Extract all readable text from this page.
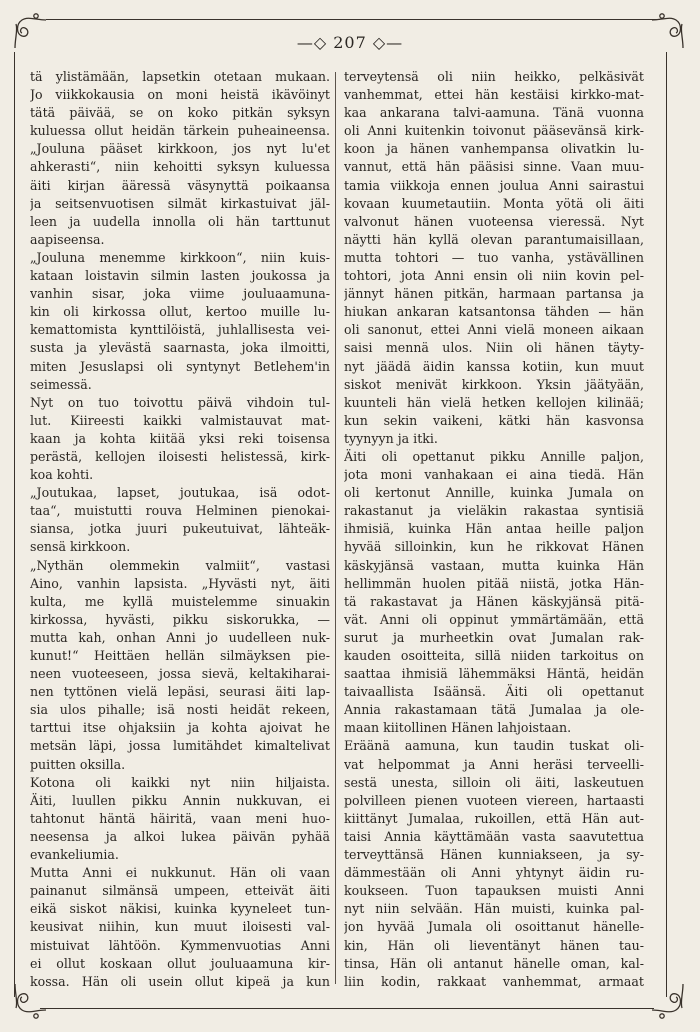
—◇ 207 ◇—
tä ylistämään, lapsetkin otetaan mukaan.
Jo viikkokausia on moni heistä ikävöinyt
tätä päivää, se on koko pitkän syksyn
kuluessa ollut heidän tärkein puheaineensa.
„Jouluna pääset kirkkoon, jos nyt lu'et
ahkerasti“, niin kehoitti syksyn kuluessa
äiti kirjan ääressä väsynyttä poikaansa
ja seitsenvuotisen silmät kirkastuivat jäl-
leen ja uudella innolla oli hän tarttunut
aapiseensa.
„Jouluna menemme kirkkoon“, niin kuis-
kataan loistavin silmin lasten joukossa ja
vanhin sisar, joka viime jouluaamuna-
kin oli kirkossa ollut, kertoo muille lu-
kemattomista kynttilöistä, juhlallisesta vei-
susta ja ylevästä saarnasta, joka ilmoitti,
miten Jesuslapsi oli syntynyt Betlehem'in
seimessä.
Nyt on tuo toivottu päivä vihdoin tul-
lut. Kiireesti kaikki valmistauvat mat-
kaan ja kohta kiitää yksi reki toisensa
perästä, kellojen iloisesti helistessä, kirk-
koa kohti.
„Joutukaa, lapset, joutukaa, isä odot-
taa“, muistutti rouva Helminen pienokai-
siansa, jotka juuri pukeutuivat, lähteäk-
sensä kirkkoon.
„Nythän olemmekin valmiit“, vastasi
Aino, vanhin lapsista. „Hyvästi nyt, äiti
kulta, me kyllä muistelemme sinuakin
kirkossa, hyvästi, pikku siskorukka, —
mutta kah, onhan Anni jo uudelleen nuk-
kunut!“ Heittäen hellän silmäyksen pie-
neen vuoteeseen, jossa sievä, keltakiharai-
nen tyttönen vielä lepäsi, seurasi äiti lap-
sia ulos pihalle; isä nosti heidät rekeen,
tarttui itse ohjaksiin ja kohta ajoivat he
metsän läpi, jossa lumitähdet kimaltelivat
puitten oksilla.
Kotona oli kaikki nyt niin hiljaista.
Äiti, luullen pikku Annin nukkuvan, ei
tahtonut häntä häiritä, vaan meni huo-
neesensa ja alkoi lukea päivän pyhää
evankeliumia.
Mutta Anni ei nukkunut. Hän oli vaan
painanut silmänsä umpeen, etteivät äiti
eikä siskot näkisi, kuinka kyyneleet tun-
keusivat niihin, kun muut iloisesti val-
mistuivat lähtöön. Kymmenvuotias Anni
ei ollut koskaan ollut jouluaamuna kir-
kossa. Hän oli usein ollut kipeä ja kun
terveytensä oli niin heikko, pelkäsivät
vanhemmat, ettei hän kestäisi kirkko-mat-
kaa ankarana talvi-aamuna. Tänä vuonna
oli Anni kuitenkin toivonut pääsevänsä kirk-
koon ja hänen vanhempansa olivatkin lu-
vannut, että hän pääsisi sinne. Vaan muu-
tamia viikkoja ennen joulua Anni sairastui
kovaan kuumetautiin. Monta yötä oli äiti
valvonut hänen vuoteensa vieressä. Nyt
näytti hän kyllä olevan parantumaisillaan,
mutta tohtori — tuo vanha, ystävällinen
tohtori, jota Anni ensin oli niin kovin pel-
jännyt hänen pitkän, harmaan partansa ja
hiukan ankaran katsantonsa tähden — hän
oli sanonut, ettei Anni vielä moneen aikaan
saisi mennä ulos. Niin oli hänen täyty-
nyt jäädä äidin kanssa kotiin, kun muut
siskot menivät kirkkoon. Yksin jäätyään,
kuunteli hän vielä hetken kellojen kilinää;
kun sekin vaikeni, kätki hän kasvonsa
tyynyyn ja itki.
Äiti oli opettanut pikku Annille paljon,
jota moni vanhakaan ei aina tiedä. Hän
oli kertonut Annille, kuinka Jumala on
rakastanut ja vieläkin rakastaa syntisiä
ihmisiä, kuinka Hän antaa heille paljon
hyvää silloinkin, kun he rikkovat Hänen
käskyjänsä vastaan, mutta kuinka Hän
hellimmän huolen pitää niistä, jotka Hän-
tä rakastavat ja Hänen käskyjänsä pitä-
vät. Anni oli oppinut ymmärtämään, että
surut ja murheetkin ovat Jumalan rak-
kauden osoitteita, sillä niiden tarkoitus on
saattaa ihmisiä lähemmäksi Häntä, heidän
taivaallista Isäänsä. Äiti oli opettanut
Annia rakastamaan tätä Jumalaa ja ole-
maan kiitollinen Hänen lahjoistaan.
Eräänä aamuna, kun taudin tuskat oli-
vat helpommat ja Anni heräsi terveelli-
sestä unesta, silloin oli äiti, laskeutuen
polvilleen pienen vuoteen viereen, hartaasti
kiittänyt Jumalaa, rukoillen, että Hän aut-
taisi Annia käyttämään vasta saavutettua
terveyttänsä Hänen kunniakseen, ja sy-
dämmestään oli Anni yhtynyt äidin ru-
koukseen. Tuon tapauksen muisti Anni
nyt niin selvään. Hän muisti, kuinka pal-
jon hyvää Jumala oli osoittanut hänelle-
kin, Hän oli lieventänyt hänen tau-
tinsa, Hän oli antanut hänelle oman, kal-
liin kodin, rakkaat vanhemmat, armaat
